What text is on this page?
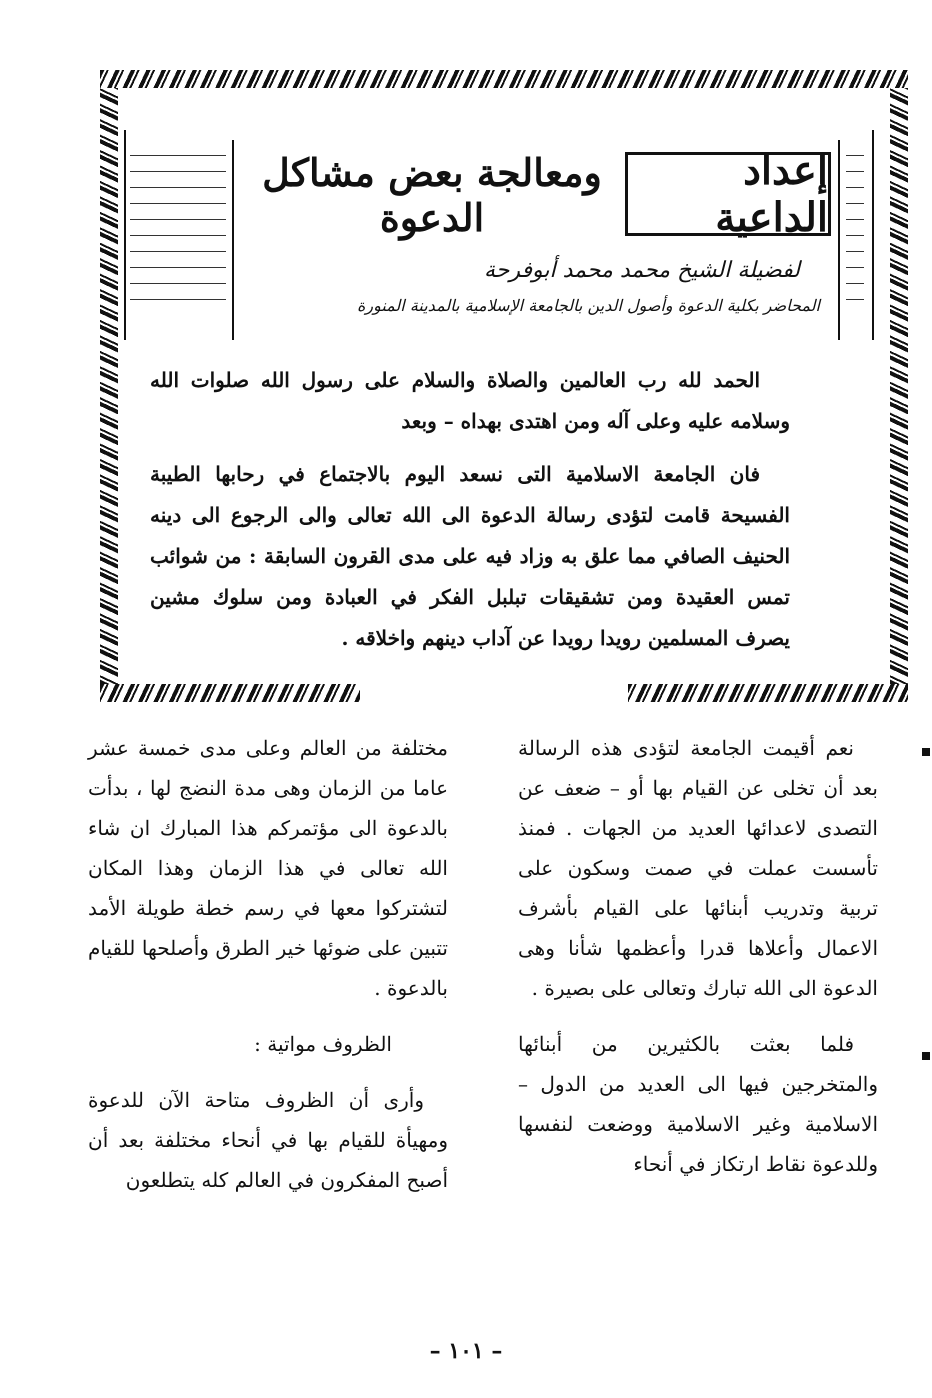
إعداد الداعية
ومعالجة بعض مشاكل الدعوة
لفضيلة الشيخ محمد محمد أبوفرحة
المحاضر بكلية الدعوة وأصول الدين بالجامعة الإسلامية بالمدينة المنورة

الحمد لله رب العالمين والصلاة والسلام على رسول الله صلوات الله وسلامه عليه وعلى آله ومن اهتدى بهداه – وبعد

فان الجامعة الاسلامية التى نسعد اليوم بالاجتماع في رحابها الطيبة الفسيحة قامت لتؤدى رسالة الدعوة الى الله تعالى والى الرجوع الى دينه الحنيف الصافي مما علق به وزاد فيه على مدى القرون السابقة : من شوائب تمس العقيدة ومن تشقيقات تبلبل الفكر في العبادة ومن سلوك مشين يصرف المسلمين رويدا رويدا عن آداب دينهم واخلاقه .

نعم أقيمت الجامعة لتؤدى هذه الرسالة بعد أن تخلى عن القيام بها أو – ضعف عن التصدى لاعدائها العديد من الجهات . فمنذ تأسست عملت في صمت وسكون على تربية وتدريب أبنائها على القيام بأشرف الاعمال وأعلاها قدرا وأعظمها شأنا وهى الدعوة الى الله تبارك وتعالى على بصيرة .

فلما بعثت بالكثيرين من أبنائها والمتخرجين فيها الى العديد من الدول – الاسلامية وغير الاسلامية ووضعت لنفسها وللدعوة نقاط ارتكاز في أنحاء

مختلفة من العالم وعلى مدى خمسة عشر عاما من الزمان وهى مدة النضج لها ، بدأت بالدعوة الى مؤتمركم هذا المبارك ان شاء الله تعالى في هذا الزمان وهذا المكان لتشتركوا معها في رسم خطة طويلة الأمد تتبين على ضوئها خير الطرق وأصلحها للقيام بالدعوة .

الظروف مواتية :

وأرى أن الظروف متاحة الآن للدعوة ومهيأة للقيام بها في أنحاء مختلفة بعد أن أصبح المفكرون في العالم كله يتطلعون

– ١٠١ –
